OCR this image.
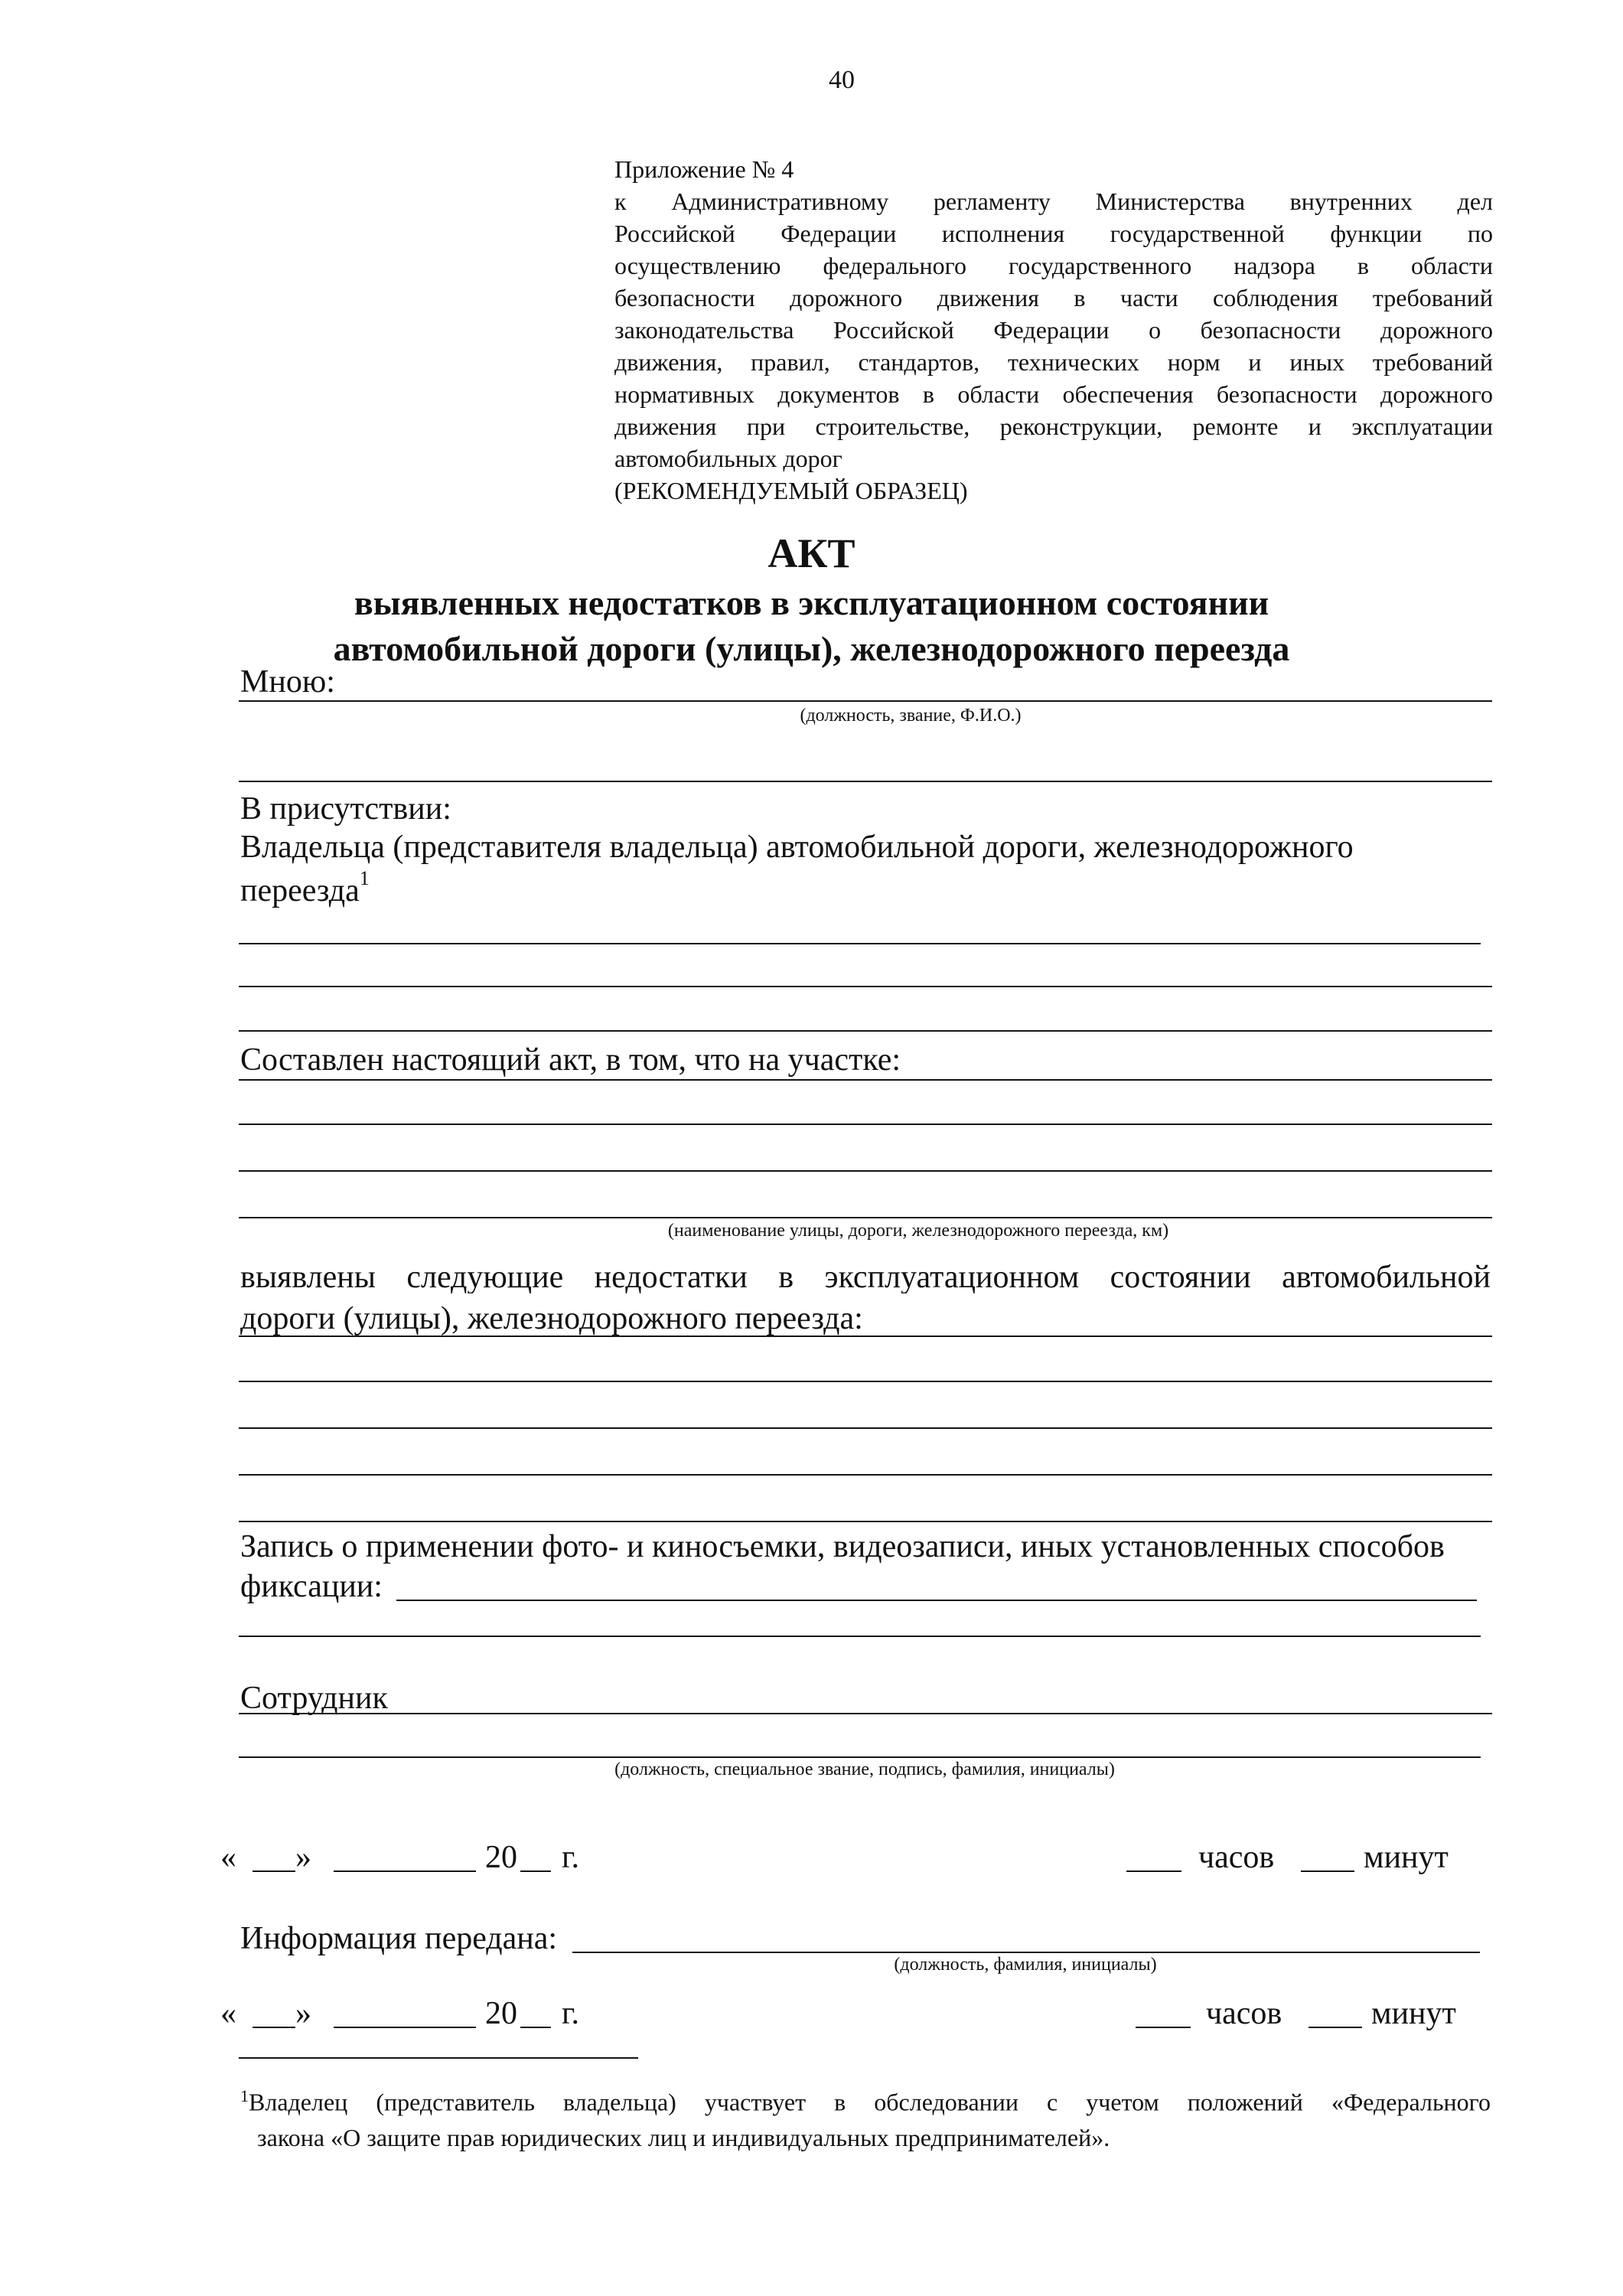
40
Приложение № 4
к Административному регламенту Министерства внутренних дел
Российской Федерации исполнения государственной функции по
осуществлению федерального государственного надзора в области
безопасности дорожного движения в части соблюдения требований
законодательства Российской Федерации о безопасности дорожного
движения, правил, стандартов, технических норм и иных требований
нормативных документов в области обеспечения безопасности дорожного
движения при строительстве, реконструкции, ремонте и эксплуатации
автомобильных дорог
(РЕКОМЕНДУЕМЫЙ ОБРАЗЕЦ)
АКТ
выявленных недостатков в эксплуатационном состоянии
автомобильной дороги (улицы), железнодорожного переезда
Мною:
(должность, звание, Ф.И.О.)
В присутствии:
Владельца (представителя владельца) автомобильной дороги, железнодорожного
переезда$^1$
Составлен настоящий акт, в том, что на участке:
(наименование улицы, дороги, железнодорожного переезда, км)
выявлены следующие недостатки в эксплуатационном состоянии автомобильной
дороги (улицы), железнодорожного переезда:
Запись о применении фото- и киносъемки, видеозаписи, иных установленных способов
фиксации:
Сотрудник
(должность, специальное звание, подпись, фамилия, инициалы)
« »	20 г.	часов	минут
Информация передана:
(должность, фамилия, инициалы)
« »	20 г.	часов	минут
$^1$Владелец (представитель владельца) участвует в обследовании с учетом положений «Федерального
закона «О защите прав юридических лиц и индивидуальных предпринимателей».
